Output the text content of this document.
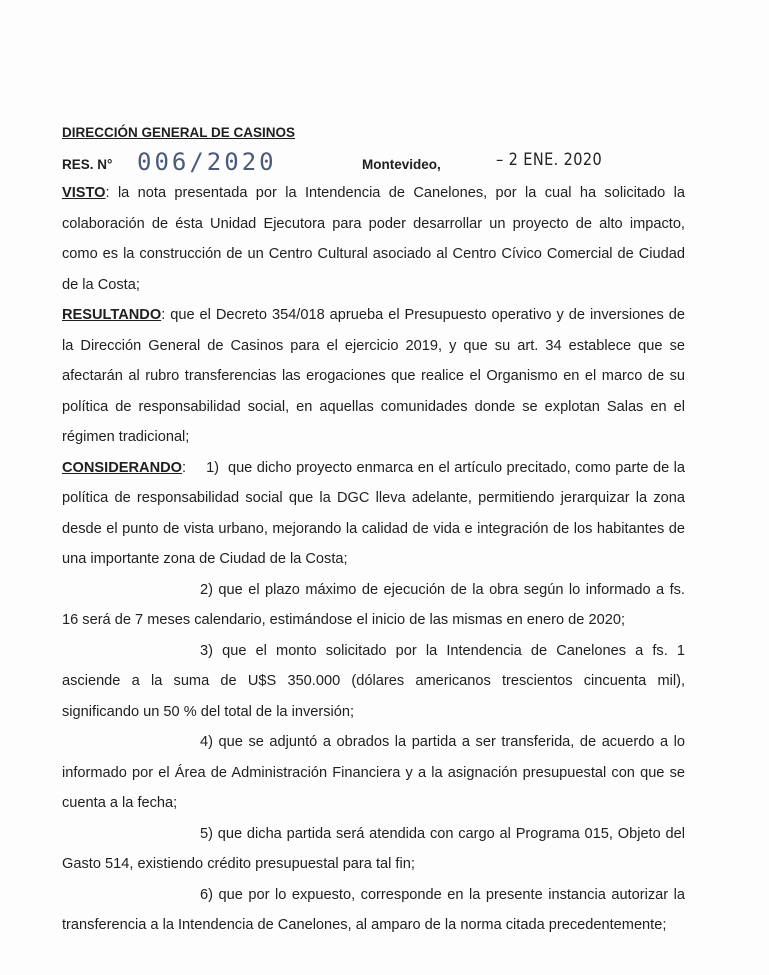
DIRECCIÓN GENERAL DE CASINOS

RES. N° 006/2020	Montevideo,	– 2 ENE. 2020

VISTO: la nota presentada por la Intendencia de Canelones, por la cual ha solicitado la colaboración de ésta Unidad Ejecutora para poder desarrollar un proyecto de alto impacto, como es la construcción de un Centro Cultural asociado al Centro Cívico Comercial de Ciudad de la Costa;

RESULTANDO: que el Decreto 354/018 aprueba el Presupuesto operativo y de inversiones de la Dirección General de Casinos para el ejercicio 2019, y que su art. 34 establece que se afectarán al rubro transferencias las erogaciones que realice el Organismo en el marco de su política de responsabilidad social, en aquellas comunidades donde se explotan Salas en el régimen tradicional;

CONSIDERANDO: 1) que dicho proyecto enmarca en el artículo precitado, como parte de la política de responsabilidad social que la DGC lleva adelante, permitiendo jerarquizar la zona desde el punto de vista urbano, mejorando la calidad de vida e integración de los habitantes de una importante zona de Ciudad de la Costa;

2) que el plazo máximo de ejecución de la obra según lo informado a fs. 16 será de 7 meses calendario, estimándose el inicio de las mismas en enero de 2020;

3) que el monto solicitado por la Intendencia de Canelones a fs. 1 asciende a la suma de U$S 350.000 (dólares americanos trescientos cincuenta mil), significando un 50 % del total de la inversión;

4) que se adjuntó a obrados la partida a ser transferida, de acuerdo a lo informado por el Área de Administración Financiera y a la asignación presupuestal con que se cuenta a la fecha;

5) que dicha partida será atendida con cargo al Programa 015, Objeto del Gasto 514, existiendo crédito presupuestal para tal fin;

6) que por lo expuesto, corresponde en la presente instancia autorizar la transferencia a la Intendencia de Canelones, al amparo de la norma citada precedentemente;
